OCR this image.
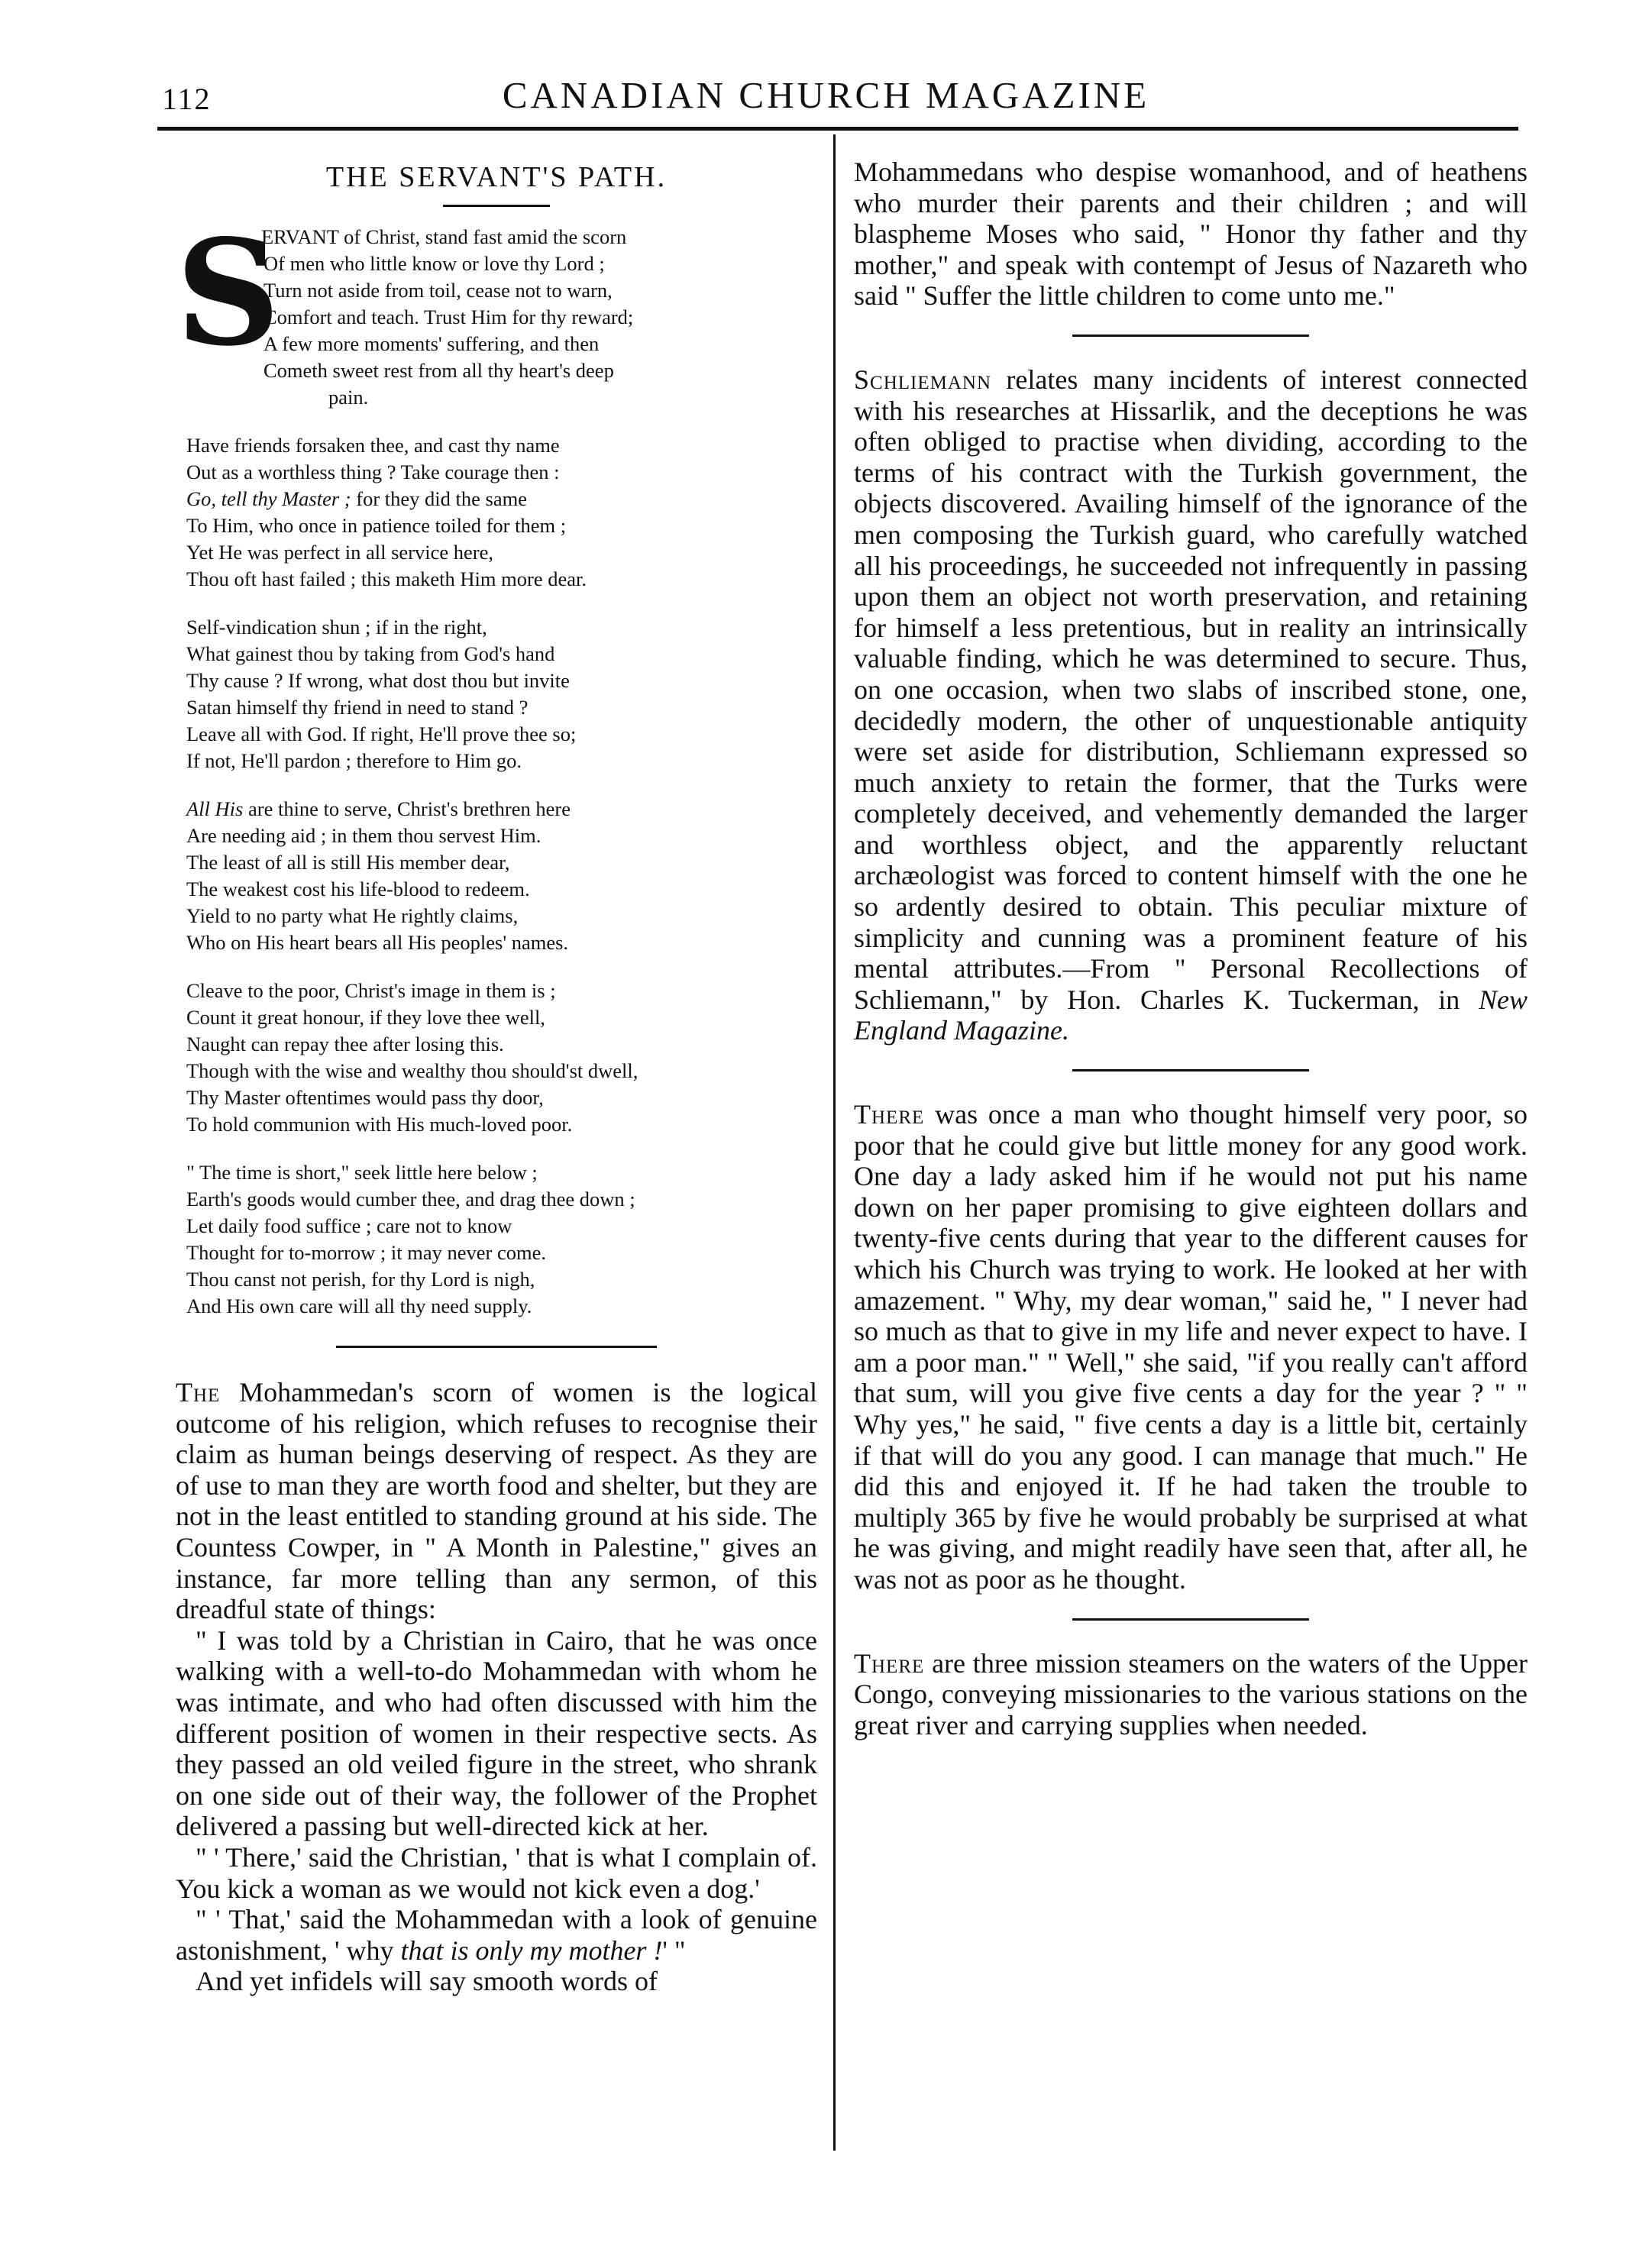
112	CANADIAN CHURCH MAGAZINE
THE SERVANT'S PATH.
S
ERVANT of Christ, stand fast amid the scorn
Of men who little know or love thy Lord ;
Turn not aside from toil, cease not to warn,
Comfort and teach. Trust Him for thy reward;
A few more moments' suffering, and then
Cometh sweet rest from all thy heart's deep
pain.
Have friends forsaken thee, and cast thy name
Out as a worthless thing ? Take courage then :
Go, tell thy Master ; for they did the same
To Him, who once in patience toiled for them ;
Yet He was perfect in all service here,
Thou oft hast failed ; this maketh Him more dear.
Self-vindication shun ; if in the right,
What gainest thou by taking from God's hand
Thy cause ? If wrong, what dost thou but invite
Satan himself thy friend in need to stand ?
Leave all with God. If right, He'll prove thee so;
If not, He'll pardon ; therefore to Him go.
All His are thine to serve, Christ's brethren here
Are needing aid ; in them thou servest Him.
The least of all is still His member dear,
The weakest cost his life-blood to redeem.
Yield to no party what He rightly claims,
Who on His heart bears all His peoples' names.
Cleave to the poor, Christ's image in them is ;
Count it great honour, if they love thee well,
Naught can repay thee after losing this.
Though with the wise and wealthy thou should'st dwell,
Thy Master oftentimes would pass thy door,
To hold communion with His much-loved poor.
" The time is short," seek little here below ;
Earth's goods would cumber thee, and drag thee down ;
Let daily food suffice ; care not to know
Thought for to-morrow ; it may never come.
Thou canst not perish, for thy Lord is nigh,
And His own care will all thy need supply.

The Mohammedan's scorn of women is the logical outcome of his religion, which refuses to recognise their claim as human beings deserving of respect. As they are of use to man they are worth food and shelter, but they are not in the least entitled to standing ground at his side. The Countess Cowper, in " A Month in Palestine," gives an instance, far more telling than any sermon, of this dreadful state of things:

" I was told by a Christian in Cairo, that he was once walking with a well-to-do Mohammedan with whom he was intimate, and who had often discussed with him the different position of women in their respective sects. As they passed an old veiled figure in the street, who shrank on one side out of their way, the follower of the Prophet delivered a passing but well-directed kick at her.

" ' There,' said the Christian, ' that is what I complain of. You kick a woman as we would not kick even a dog.'

" ' That,' said the Mohammedan with a look of genuine astonishment, ' why that is only my mother !' "

And yet infidels will say smooth words of

Mohammedans who despise womanhood, and of heathens who murder their parents and their children ; and will blaspheme Moses who said, " Honor thy father and thy mother," and speak with contempt of Jesus of Nazareth who said " Suffer the little children to come unto me."

Schliemann relates many incidents of interest connected with his researches at Hissarlik, and the deceptions he was often obliged to practise when dividing, according to the terms of his contract with the Turkish government, the objects discovered. Availing himself of the ignorance of the men composing the Turkish guard, who carefully watched all his proceedings, he succeeded not infrequently in passing upon them an object not worth preservation, and retaining for himself a less pretentious, but in reality an intrinsically valuable finding, which he was determined to secure. Thus, on one occasion, when two slabs of inscribed stone, one, decidedly modern, the other of unquestionable antiquity were set aside for distribution, Schliemann expressed so much anxiety to retain the former, that the Turks were completely deceived, and vehemently demanded the larger and worthless object, and the apparently reluctant archæologist was forced to content himself with the one he so ardently desired to obtain. This peculiar mixture of simplicity and cunning was a prominent feature of his mental attributes.—From " Personal Recollections of Schliemann," by Hon. Charles K. Tuckerman, in New England Magazine.

There was once a man who thought himself very poor, so poor that he could give but little money for any good work. One day a lady asked him if he would not put his name down on her paper promising to give eighteen dollars and twenty-five cents during that year to the different causes for which his Church was trying to work. He looked at her with amazement. " Why, my dear woman," said he, " I never had so much as that to give in my life and never expect to have. I am a poor man." " Well," she said, "if you really can't afford that sum, will you give five cents a day for the year ? " " Why yes," he said, " five cents a day is a little bit, certainly if that will do you any good. I can manage that much." He did this and enjoyed it. If he had taken the trouble to multiply 365 by five he would probably be surprised at what he was giving, and might readily have seen that, after all, he was not as poor as he thought.

There are three mission steamers on the waters of the Upper Congo, conveying missionaries to the various stations on the great river and carrying supplies when needed.
